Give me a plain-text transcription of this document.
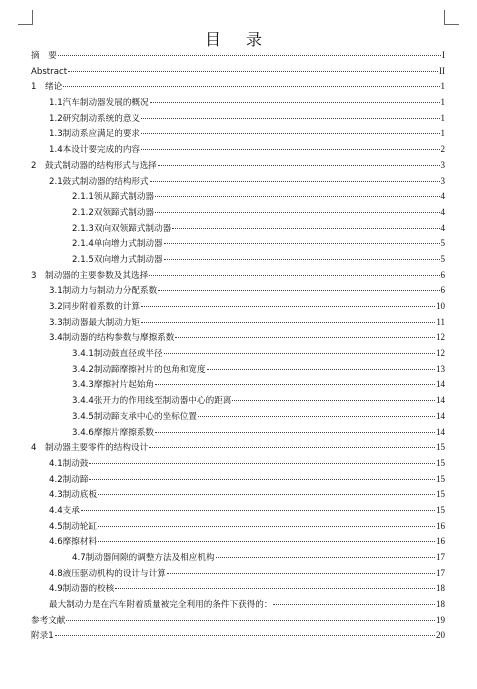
目 录
摘　要	I
Abstract	II
1　绪论	1
1.1汽车制动器发展的概况	1
1.2研究制动系统的意义	1
1.3制动系应满足的要求	1
1.4本设计要完成的内容	2
2　鼓式制动器的结构形式与选择	3
2.1鼓式制动器的结构形式	3
2.1.1领从蹄式制动器	4
2.1.2双领蹄式制动器	4
2.1.3双向双领蹄式制动器	4
2.1.4单向增力式制动器	5
2.1.5双向增力式制动器	5
3　制动器的主要参数及其选择	6
3.1制动力与制动力分配系数	6
3.2同步附着系数的计算	10
3.3制动器最大制动力矩	11
3.4制动器的结构参数与摩擦系数	12
3.4.1制动鼓直径或半径	12
3.4.2制动蹄摩擦衬片的包角和宽度	13
3.4.3摩擦衬片起始角	14
3.4.4张开力的作用线至制动器中心的距离	14
3.4.5制动蹄支承中心的坐标位置	14
3.4.6摩擦片摩擦系数	14
4　制动器主要零件的结构设计	15
4.1制动鼓	15
4.2制动蹄	15
4.3制动底板	15
4.4支承	15
4.5制动轮缸	16
4.6摩擦材料	16
4.7制动器间隙的调整方法及相应机构	17
4.8液压驱动机构的设计与计算	17
4.9制动器的校核	18
最大制动力是在汽车附着质量被完全利用的条件下获得的：	18
参考文献	19
附录1	20
